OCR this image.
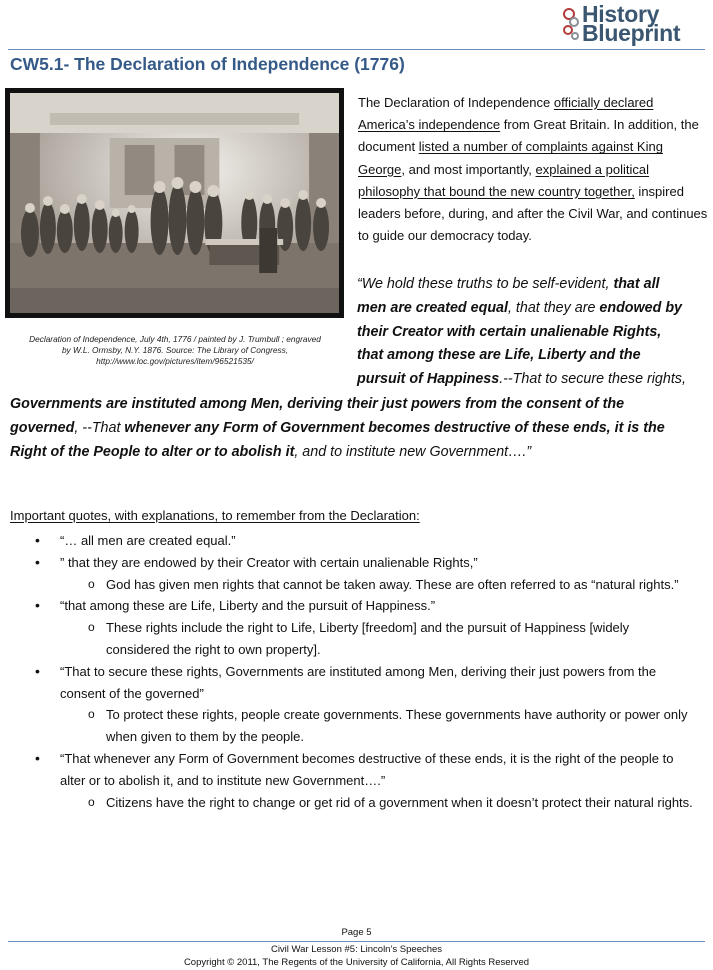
History
Blueprint
CW5.1- The Declaration of Independence (1776)
Declaration of Independence, July 4th, 1776 / painted by J. Trumbull ; engraved
by W.L. Ormsby, N.Y. 1876. Source: The Library of Congress,
http://www.loc.gov/pictures/item/96521535/
The Declaration of Independence officially declared America’s independence from Great Britain. In addition, the document listed a number of complaints against King George, and most importantly, explained a political philosophy that bound the new country together, inspired leaders before, during, and after the Civil War, and continues to guide our democracy today.
“We hold these truths to be self-evident, that all
men are created equal, that they are endowed by
their Creator with certain unalienable Rights,
that among these are Life, Liberty and the
pursuit of Happiness.--That to secure these rights,
Governments are instituted among Men, deriving their just powers from the consent of the
governed, --That whenever any Form of Government becomes destructive of these ends, it is the
Right of the People to alter or to abolish it, and to institute new Government….”
Important quotes, with explanations, to remember from the Declaration:
• “… all men are created equal.”
• ” that they are endowed by their Creator with certain unalienable Rights,”
o God has given men rights that cannot be taken away. These are often referred to as “natural rights.”
• “that among these are Life, Liberty and the pursuit of Happiness.”
o These rights include the right to Life, Liberty [freedom] and the pursuit of Happiness [widely considered the right to own property].
• “That to secure these rights, Governments are instituted among Men, deriving their just powers from the consent of the governed”
o To protect these rights, people create governments. These governments have authority or power only when given to them by the people.
• “That whenever any Form of Government becomes destructive of these ends, it is the right of the people to alter or to abolish it, and to institute new Government….”
o Citizens have the right to change or get rid of a government when it doesn’t protect their natural rights.
Page 5
Civil War Lesson #5: Lincoln’s Speeches
Copyright © 2011, The Regents of the University of California, All Rights Reserved
